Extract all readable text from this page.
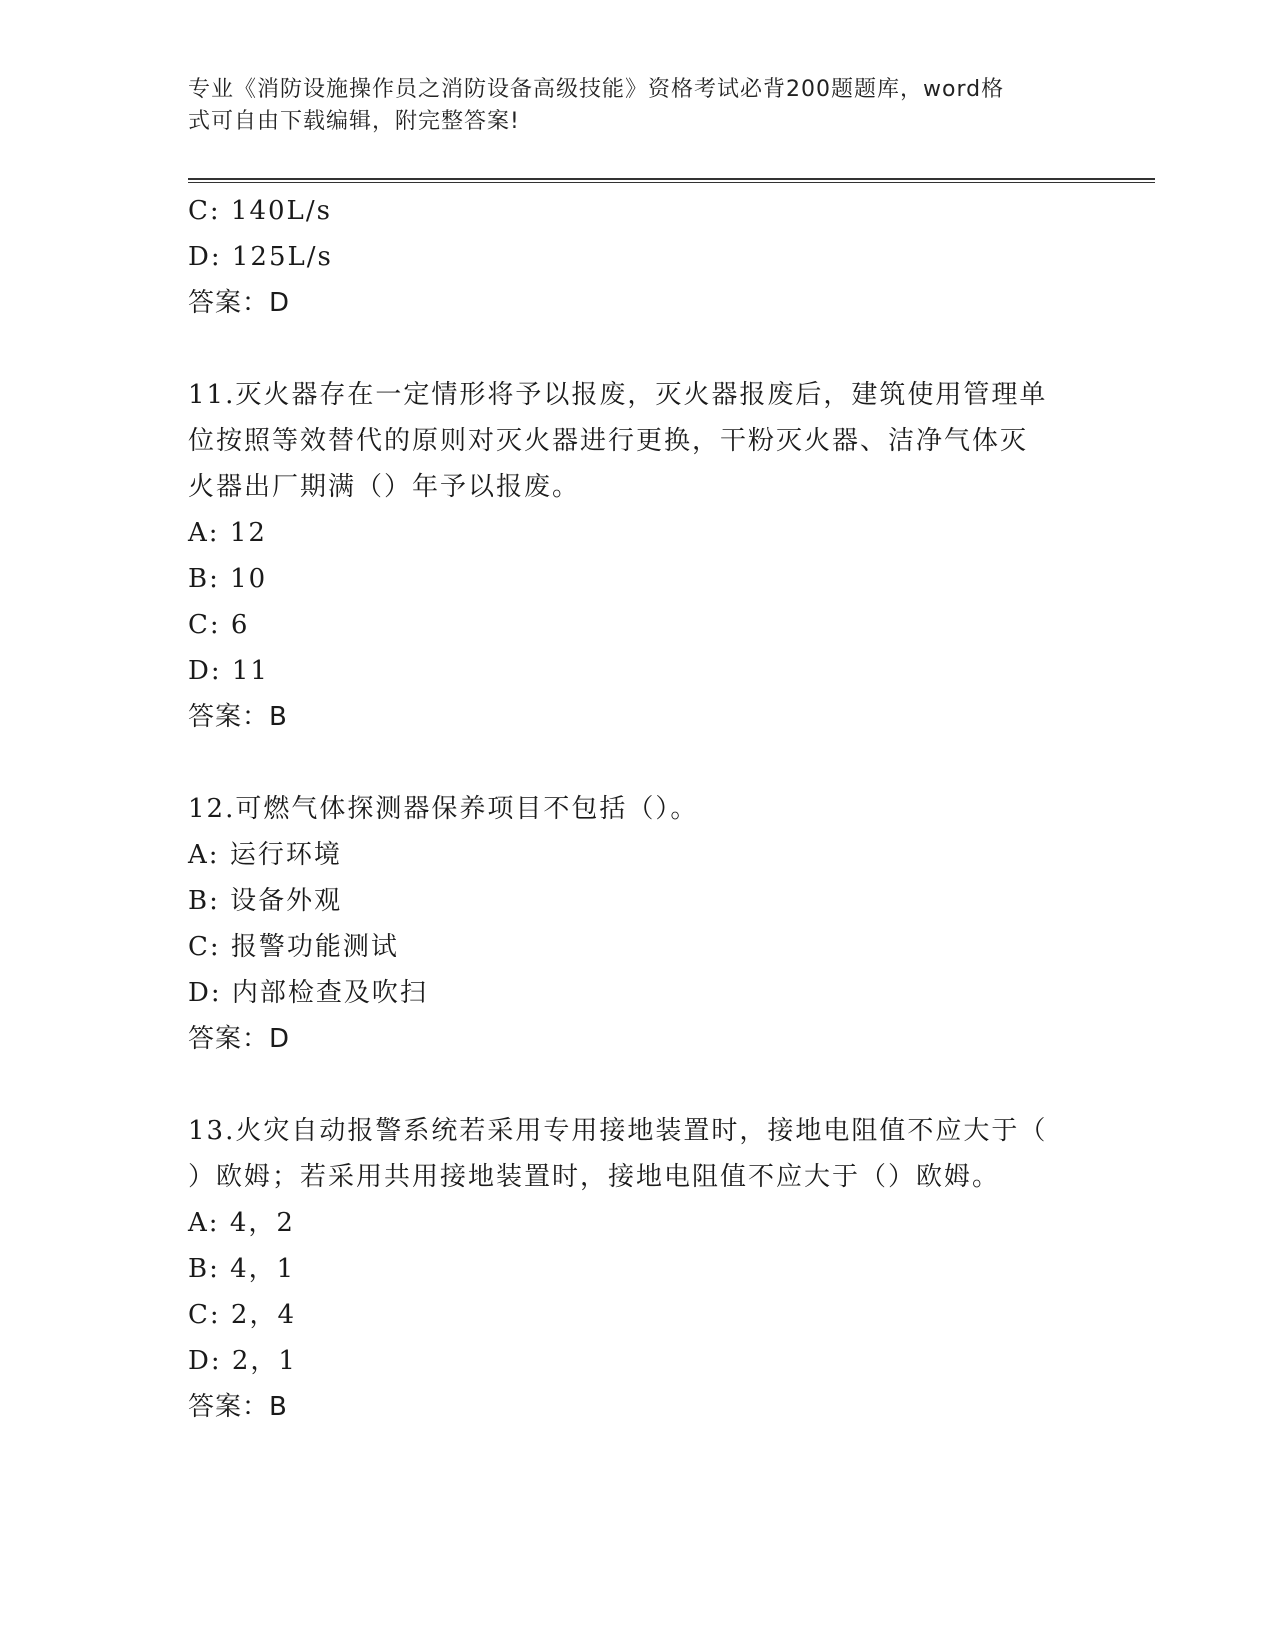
专业《消防设施操作员之消防设备高级技能》资格考试必背200题题库，word格
式可自由下载编辑，附完整答案!
C: 140L/s
D: 125L/s
答案：D
11.灭火器存在一定情形将予以报废，灭火器报废后，建筑使用管理单
位按照等效替代的原则对灭火器进行更换，干粉灭火器、洁净气体灭
火器出厂期满（）年予以报废。
A: 12
B: 10
C: 6
D: 11
答案：B
12.可燃气体探测器保养项目不包括（）。
A: 运行环境
B: 设备外观
C: 报警功能测试
D: 内部检查及吹扫
答案：D
13.火灾自动报警系统若采用专用接地装置时，接地电阻值不应大于（
）欧姆；若采用共用接地装置时，接地电阻值不应大于（）欧姆。
A: 4，2
B: 4，1
C: 2，4
D: 2，1
答案：B
